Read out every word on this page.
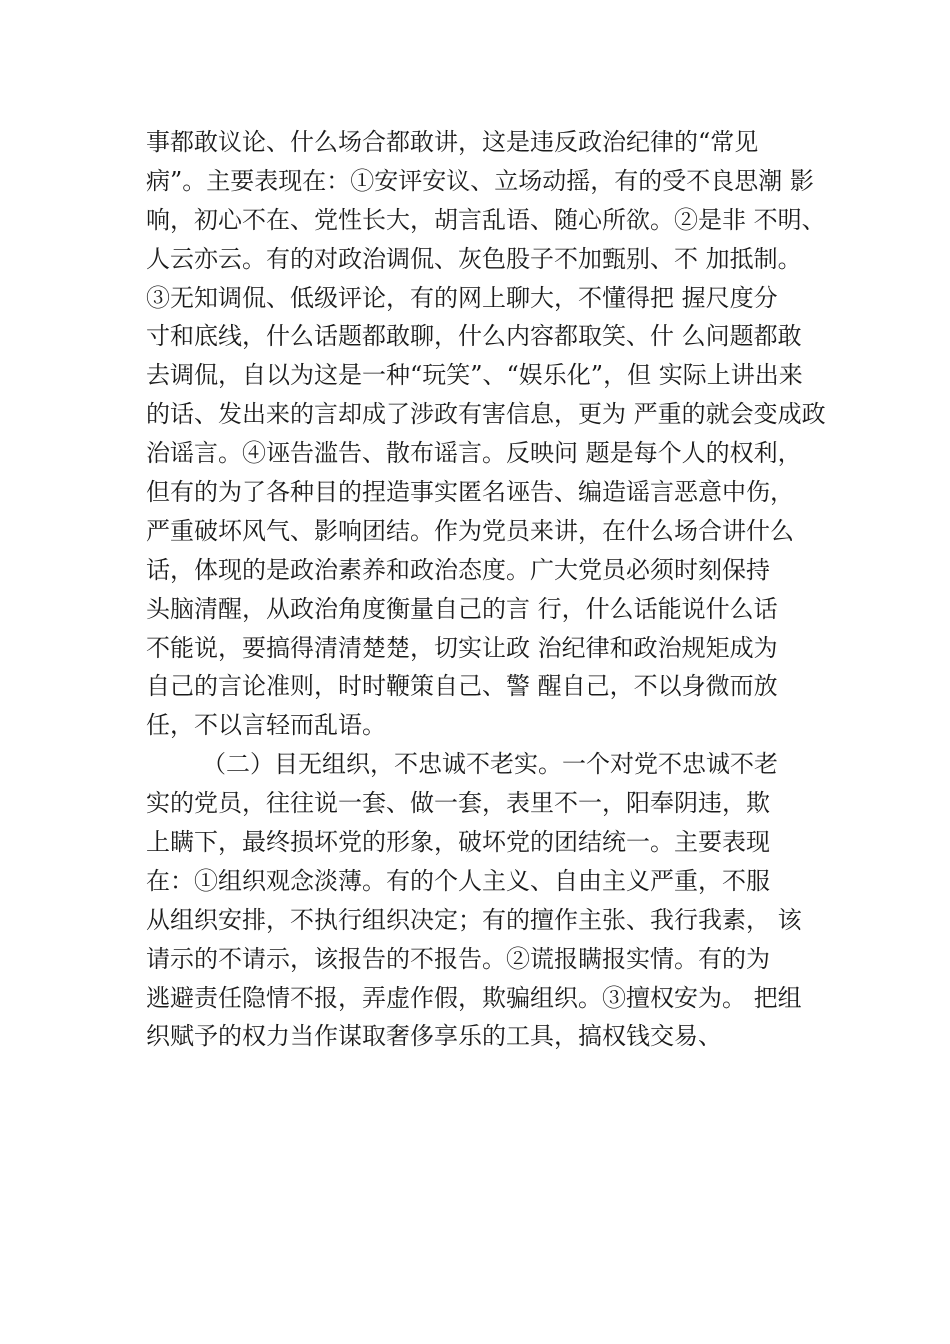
事都敢议论、什么场合都敢讲，这是违反政治纪律的“常见
病”。主要表现在：①安评安议、立场动摇，有的受不良思潮 影
响，初心不在、党性长大，胡言乱语、随心所欲。②是非 不明、
人云亦云。有的对政治调侃、灰色股子不加甄别、不 加抵制。
③无知调侃、低级评论，有的网上聊大，不懂得把 握尺度分
寸和底线，什么话题都敢聊，什么内容都取笑、什 么问题都敢
去调侃，自以为这是一种“玩笑”、“娱乐化”，但 实际上讲出来
的话、发出来的言却成了涉政有害信息，更为 严重的就会变成政
治谣言。④诬告滥告、散布谣言。反映问 题是每个人的权利，
但有的为了各种目的捏造事实匿名诬告、编造谣言恶意中伤，
严重破坏风气、影响团结。作为党员来讲，在什么场合讲什么
话，体现的是政治素养和政治态度。广大党员必须时刻保持
头脑清醒，从政治角度衡量自己的言 行，什么话能说什么话
不能说，要搞得清清楚楚，切实让政 治纪律和政治规矩成为
自己的言论准则，时时鞭策自己、警 醒自己，不以身微而放
任，不以言轻而乱语。
（二）目无组织，不忠诚不老实。一个对党不忠诚不老
实的党员，往往说一套、做一套，表里不一，阳奉阴违，欺
上瞒下，最终损坏党的形象，破坏党的团结统一。主要表现
在：①组织观念淡薄。有的个人主义、自由主义严重，不服
从组织安排，不执行组织决定；有的擅作主张、我行我素， 该
请示的不请示，该报告的不报告。②谎报瞒报实情。有的为
逃避责任隐情不报，弄虚作假，欺骗组织。③擅权安为。 把组
织赋予的权力当作谋取奢侈享乐的工具，搞权钱交易、
